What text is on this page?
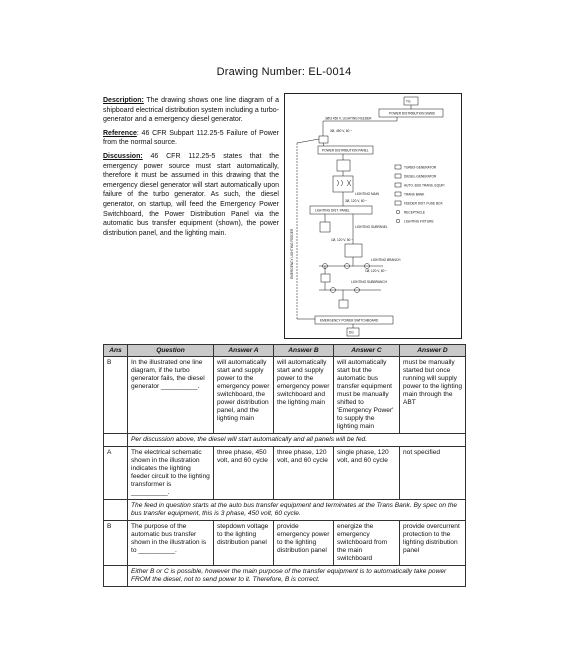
Drawing Number: EL-0014

Description: The drawing shows one line diagram of a shipboard electrical distribution system including a turbo-generator and a emergency diesel generator.

Reference: 46 CFR Subpart 112.25-5 Failure of Power from the normal source.

Discussion: 46 CFR 112.25-5 states that the emergency power source must start automatically, therefore it must be assumed in this drawing that the emergency diesel generator will start automatically upon failure of the turbo generator. As such, the diesel generator, on startup, will feed the Emergency Power Switchboard, the Power Distribution Panel via the automatic bus transfer equipment (shown), the power distribution panel, and the lighting main.

TG
POWER DISTRIBUTION SWBD
3Ø/3 450 V. LIGHTING FEEDER
3Ø, 450 V, 60 ~
POWER DISTRIBUTION PANEL
LIGHTING MAIN
3Ø, 120 V, 60 ~
LIGHTING DIST. PANEL
LIGHTING SUBPANEL
EMERGENCY LIGHTING FEEDER	1Ø, 120 V, 60 ~
LIGHTING BRANCH
1Ø, 120 V, 60 ~
LIGHTING SUBBRANCH
EMERGENCY POWER SWITCHBOARD
DG
TURBO-GENERATOR
DIESEL-GENERATOR
AUTO. BUS TRANS. EQUIP.
TRANS BANK
FEEDER DIST. FUSE BOX
RECEPTACLE
LIGHTING FIXTURE
Ans	Question	Answer A	Answer B	Answer C	Answer D
B	In the illustrated one line diagram, if the turbo generator fails, the diesel generator __________.	will automatically start and supply power to the emergency power switchboard, the power distribution panel, and the lighting main	will automatically start and supply power to the emergency power switchboard and the lighting main	will automatically start but the automatic bus transfer equipment must be manually shifted to 'Emergency Power' to supply the lighting main	must be manually started but once running will supply power to the lighting main through the ABT
	Per discussion above, the diesel will start automatically and all panels will be fed.				
A	The electrical schematic shown in the illustration indicates the lighting feeder circuit to the lighting transformer is __________.	three phase, 450 volt, and 60 cycle	three phase, 120 volt, and 60 cycle	single phase, 120 volt, and 60 cycle	not specified
	The feed in question starts at the auto bus transfer equipment and terminates at the Trans Bank. By spec on the bus transfer equipment, this is 3 phase, 450 volt, 60 cycle.				
B	The purpose of the automatic bus transfer shown in the illustration is to __________.	stepdown voltage to the lighting distribution panel	provide emergency power to the lighting distribution panel	energize the emergency switchboard from the main switchboard	provide overcurrent protection to the lighting distribution panel
	Either B or C is possible, however the main purpose of the transfer equipment is to automatically take power FROM the diesel, not to send power to it. Therefore, B is correct.				
